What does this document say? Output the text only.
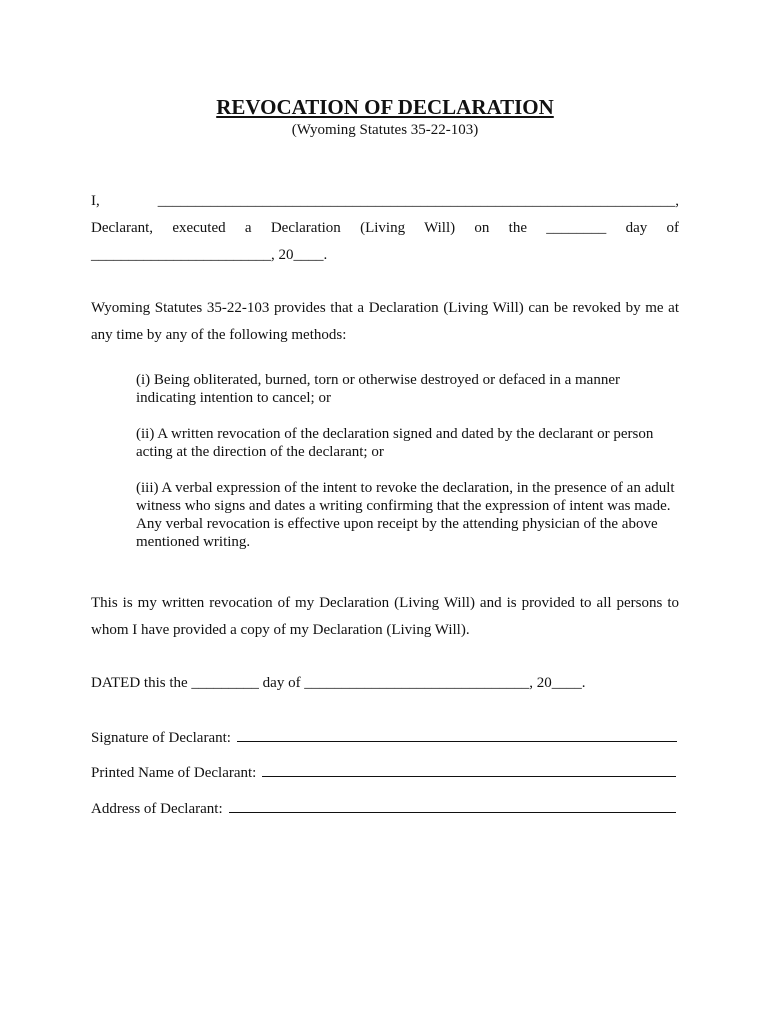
REVOCATION OF DECLARATION

(Wyoming Statutes 35-22-103)

I, _____________________________________________________________________, Declarant, executed a Declaration (Living Will) on the ________ day of ________________________, 20____.

Wyoming Statutes 35-22-103 provides that a Declaration (Living Will) can be revoked by me at any time by any of the following methods:

(i) Being obliterated, burned, torn or otherwise destroyed or defaced in a manner indicating intention to cancel; or

(ii) A written revocation of the declaration signed and dated by the declarant or person acting at the direction of the declarant; or

(iii) A verbal expression of the intent to revoke the declaration, in the presence of an adult witness who signs and dates a writing confirming that the expression of intent was made. Any verbal revocation is effective upon receipt by the attending physician of the above mentioned writing.

This is my written revocation of my Declaration (Living Will) and is provided to all persons to whom I have provided a copy of my Declaration (Living Will).

DATED this the _________ day of ______________________________, 20____.

Signature of Declarant:
Printed Name of Declarant:
Address of Declarant:
